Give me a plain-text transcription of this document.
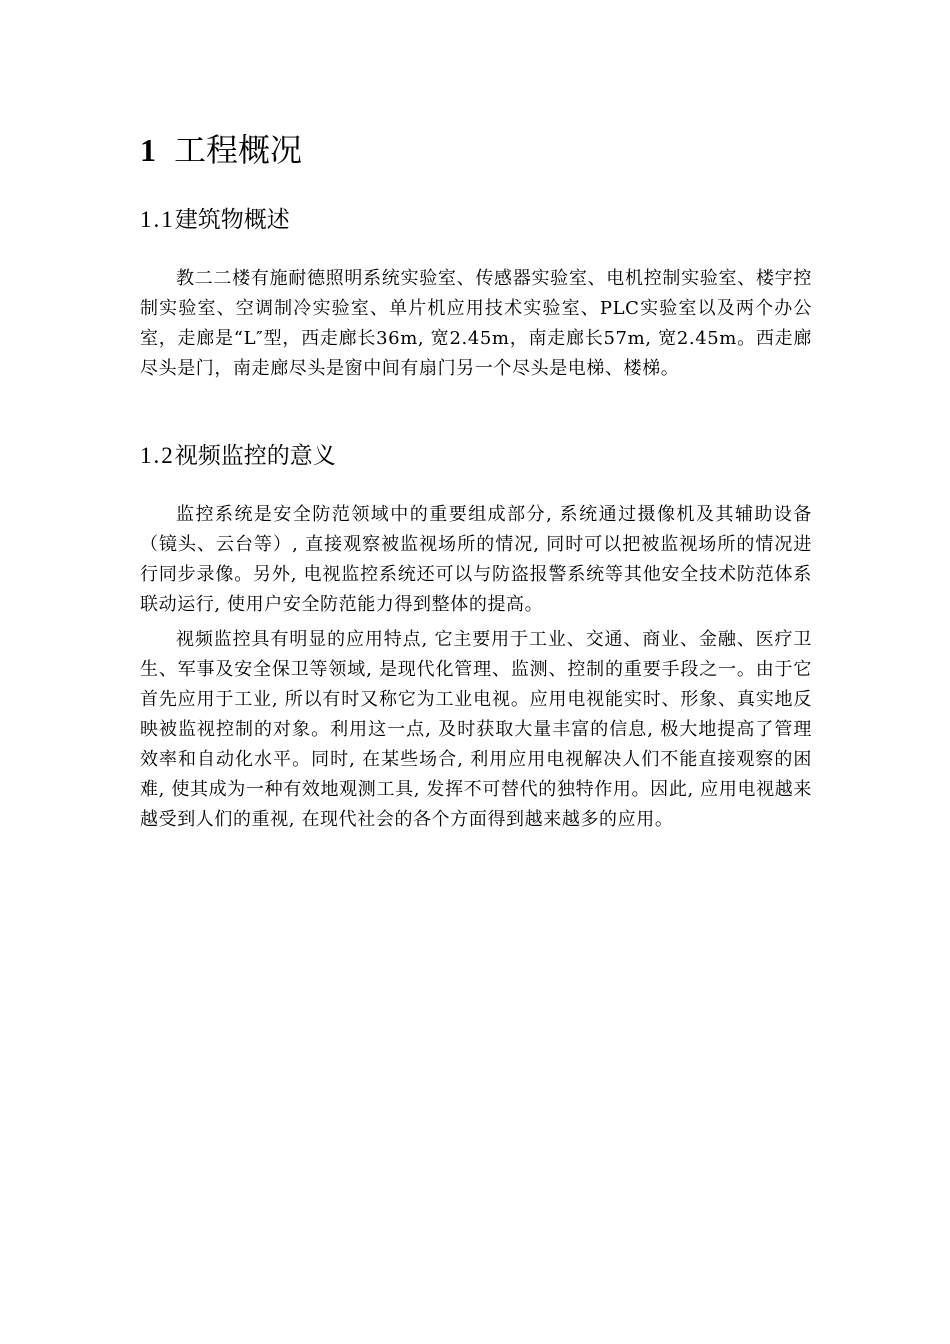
1 工程概况
1.1建筑物概述

教二二楼有施耐德照明系统实验室、传感器实验室、电机控制实验室、楼宇控制实验室、空调制冷实验室、单片机应用技术实验室、PLC实验室以及两个办公室，走廊是“L″型，西走廊长36m, 宽2.45m，南走廊长57m, 宽2.45m。西走廊尽头是门，南走廊尽头是窗中间有扇门另一个尽头是电梯、楼梯。

1.2视频监控的意义

监控系统是安全防范领域中的重要组成部分, 系统通过摄像机及其辅助设备（镜头、云台等）, 直接观察被监视场所的情况, 同时可以把被监视场所的情况进行同步录像。另外, 电视监控系统还可以与防盗报警系统等其他安全技术防范体系联动运行, 使用户安全防范能力得到整体的提高。

视频监控具有明显的应用特点, 它主要用于工业、交通、商业、金融、医疗卫生、军事及安全保卫等领域, 是现代化管理、监测、控制的重要手段之一。由于它首先应用于工业, 所以有时又称它为工业电视。应用电视能实时、形象、真实地反映被监视控制的对象。利用这一点, 及时获取大量丰富的信息, 极大地提高了管理效率和自动化水平。同时, 在某些场合, 利用应用电视解决人们不能直接观察的困难, 使其成为一种有效地观测工具, 发挥不可替代的独特作用。因此, 应用电视越来越受到人们的重视, 在现代社会的各个方面得到越来越多的应用。
